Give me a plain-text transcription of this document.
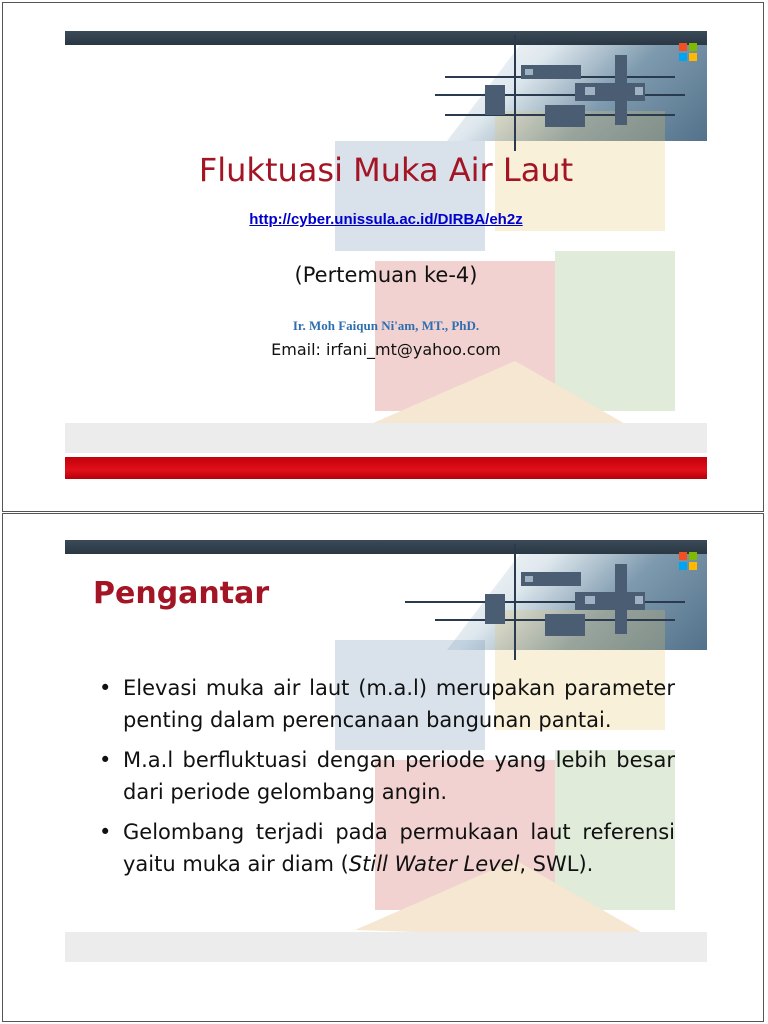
Fluktuasi Muka Air Laut
http://cyber.unissula.ac.id/DIRBA/eh2z
(Pertemuan ke-4)
Ir. Moh Faiqun Ni'am, MT., PhD.
Email: irfani_mt@yahoo.com
Pengantar
• Elevasi muka air laut (m.a.l) merupakan parameter penting dalam perencanaan bangunan pantai.
• M.a.l berfluktuasi dengan periode yang lebih besar dari periode gelombang angin.
• Gelombang terjadi pada permukaan laut referensi yaitu muka air diam (Still Water Level, SWL).
